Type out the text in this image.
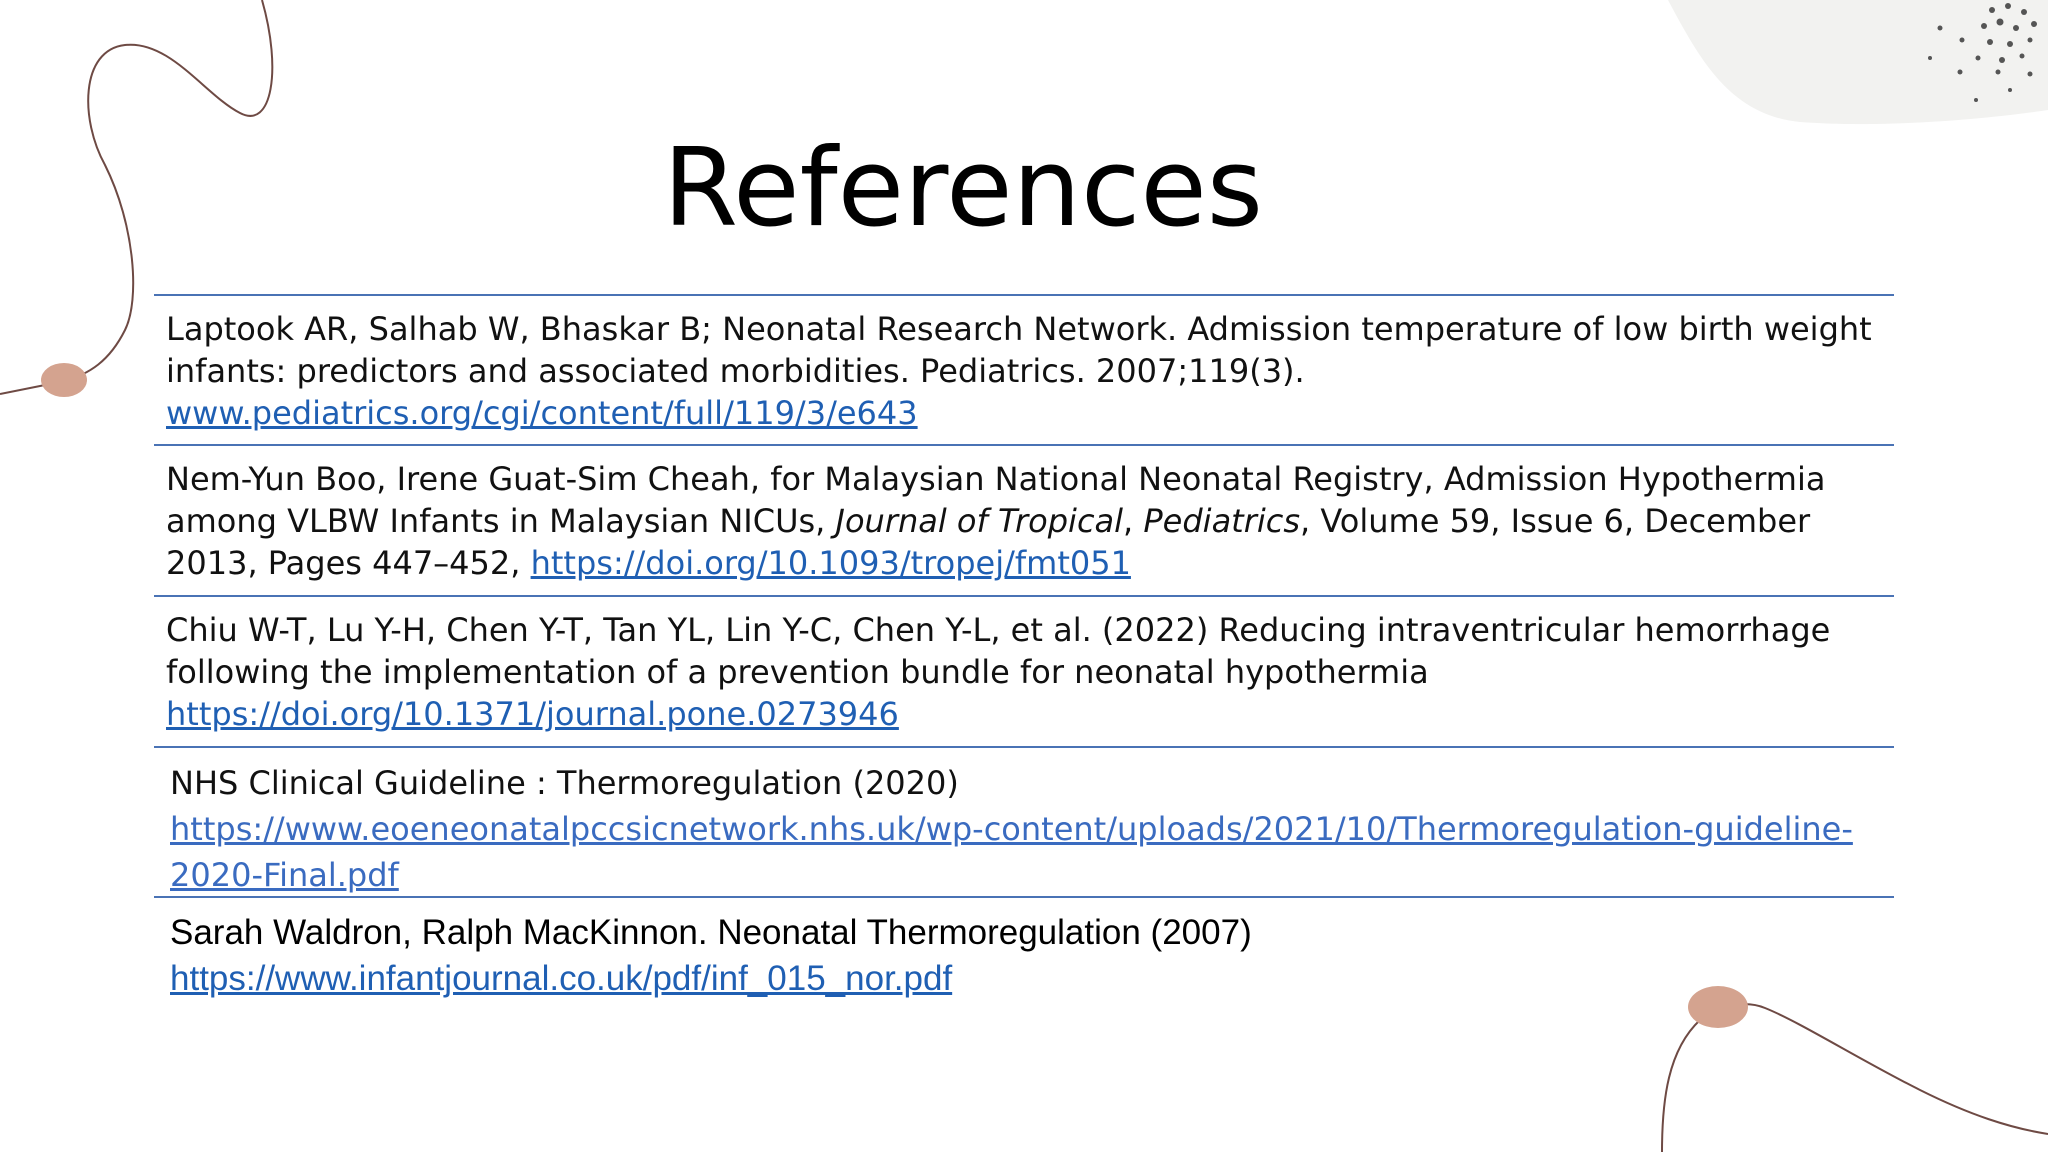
References
Laptook AR, Salhab W, Bhaskar B; Neonatal Research Network. Admission temperature of low birth weight infants: predictors and associated morbidities. Pediatrics. 2007;119(3).
www.pediatrics.org/cgi/content/full/119/3/e643
Nem-Yun Boo, Irene Guat-Sim Cheah, for Malaysian National Neonatal Registry, Admission Hypothermia among VLBW Infants in Malaysian NICUs, Journal of Tropical, Pediatrics, Volume 59, Issue 6, December 2013, Pages 447–452, https://doi.org/10.1093/tropej/fmt051
Chiu W-T, Lu Y-H, Chen Y-T, Tan YL, Lin Y-C, Chen Y-L, et al. (2022) Reducing intraventricular hemorrhage following the implementation of a prevention bundle for neonatal hypothermia
https://doi.org/10.1371/journal.pone.0273946
NHS Clinical Guideline : Thermoregulation (2020)
https://www.eoeneonatalpccsicnetwork.nhs.uk/wp-content/uploads/2021/10/Thermoregulation-guideline-2020-Final.pdf
Sarah Waldron, Ralph MacKinnon. Neonatal Thermoregulation (2007)
https://www.infantjournal.co.uk/pdf/inf_015_nor.pdf
